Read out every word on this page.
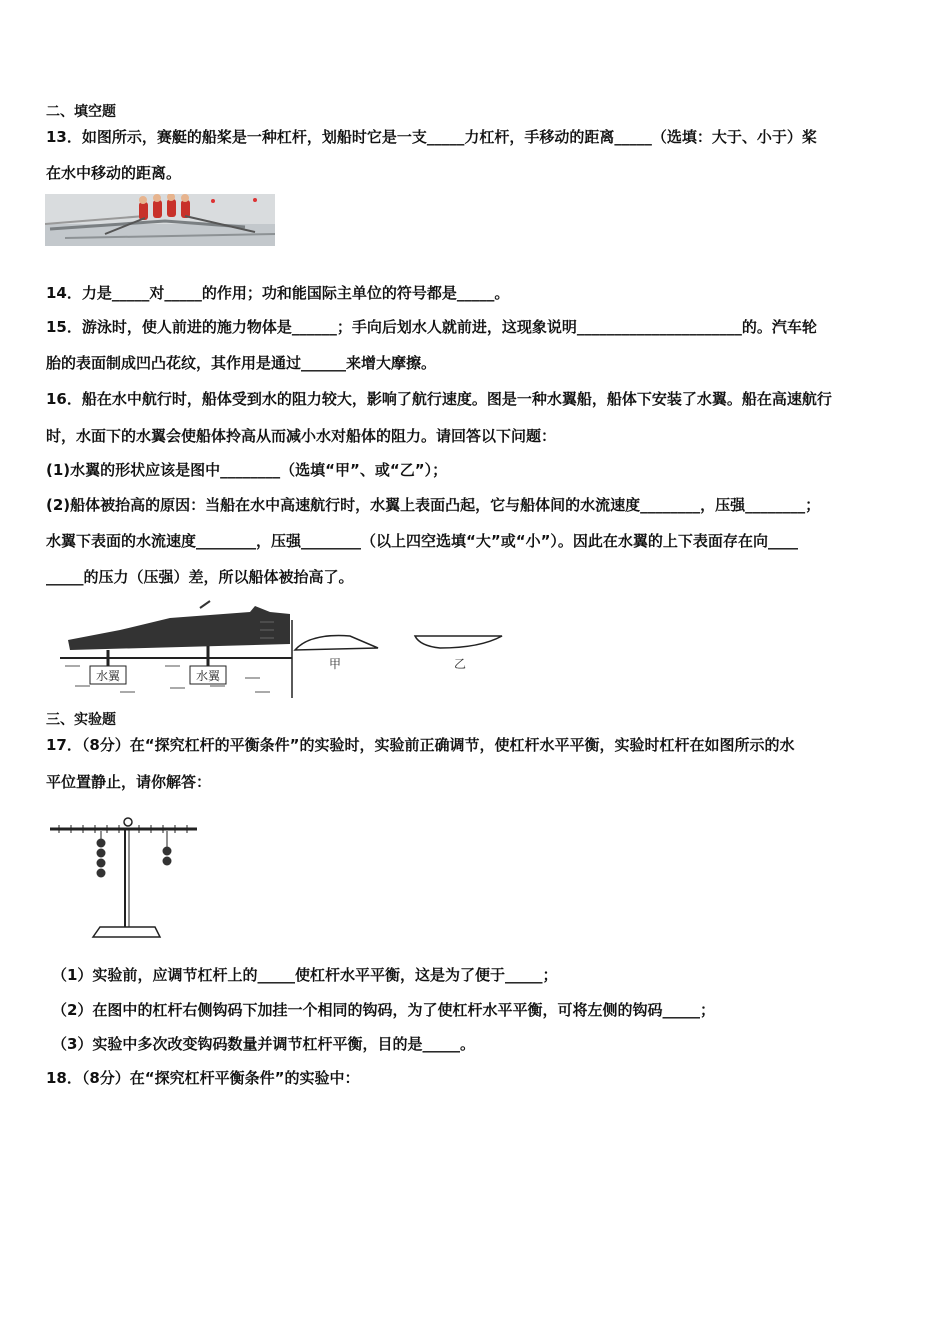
二、填空题
13．如图所示，赛艇的船桨是一种杠杆，划船时它是一支_____力杠杆，手移动的距离_____（选填：大于、小于）桨
在水中移动的距离。
14．力是_____对_____的作用；功和能国际主单位的符号都是_____。
15．游泳时，使人前进的施力物体是______；手向后划水人就前进，这现象说明______________________的。汽车轮
胎的表面制成凹凸花纹，其作用是通过______来增大摩擦。
16．船在水中航行时，船体受到水的阻力较大，影响了航行速度。图是一种水翼船，船体下安装了水翼。船在高速航行
时，水面下的水翼会使船体拎高从而减小水对船体的阻力。请回答以下问题：
(1)水翼的形状应该是图中________（选填“甲”、或“乙”）；
(2)船体被抬高的原因：当船在水中高速航行时，水翼上表面凸起，它与船体间的水流速度________，压强________；
水翼下表面的水流速度________，压强________（以上四空选填“大”或“小”）。因此在水翼的上下表面存在向____
_____的压力（压强）差，所以船体被抬高了。
水翼	水翼
甲	乙
三、实验题
17．（8分）在“探究杠杆的平衡条件”的实验时，实验前正确调节，使杠杆水平平衡，实验时杠杆在如图所示的水
平位置静止，请你解答：
（1）实验前，应调节杠杆上的_____使杠杆水平平衡，这是为了便于_____；
（2）在图中的杠杆右侧钩码下加挂一个相同的钩码，为了使杠杆水平平衡，可将左侧的钩码_____；
（3）实验中多次改变钩码数量并调节杠杆平衡，目的是_____。
18．（8分）在“探究杠杆平衡条件”的实验中：
